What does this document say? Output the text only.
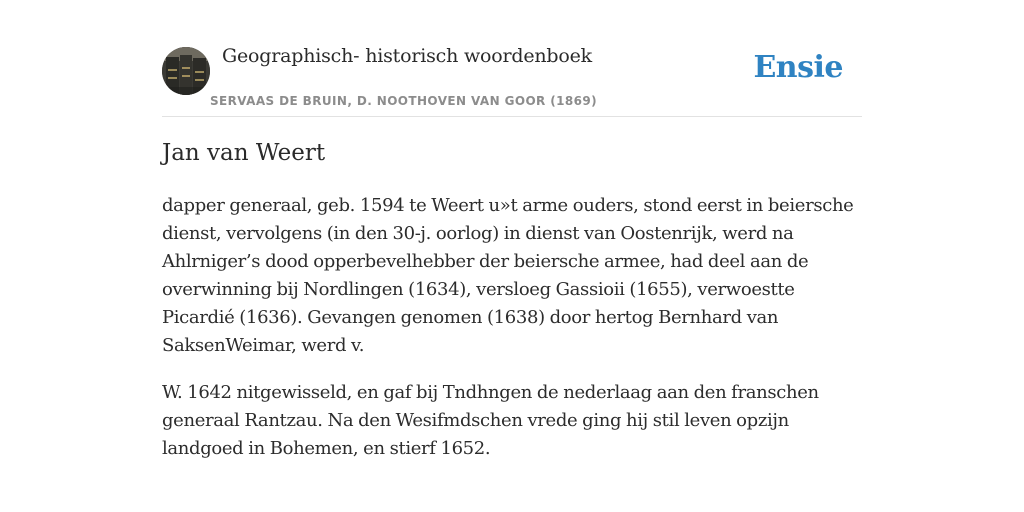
Geographisch- historisch woordenboek
SERVAAS DE BRUIN, D. NOOTHOVEN VAN GOOR (1869)
Ensie
Jan van Weert

dapper generaal, geb. 1594 te Weert u»t arme ouders, stond eerst in beiersche dienst, vervolgens (in den 30-j. oorlog) in dienst van Oostenrijk, werd na Ahlrniger’s dood opperbevelhebber der beiersche armee, had deel aan de overwinning bij Nordlingen (1634), versloeg Gassioii (1655), verwoestte Picardié (1636). Gevangen genomen (1638) door hertog Bernhard van SaksenWeimar, werd v.

W. 1642 nitgewisseld, en gaf bij Tndhngen de nederlaag aan den franschen generaal Rantzau. Na den Wesifmdschen vrede ging hij stil leven opzijn landgoed in Bohemen, en stierf 1652.
